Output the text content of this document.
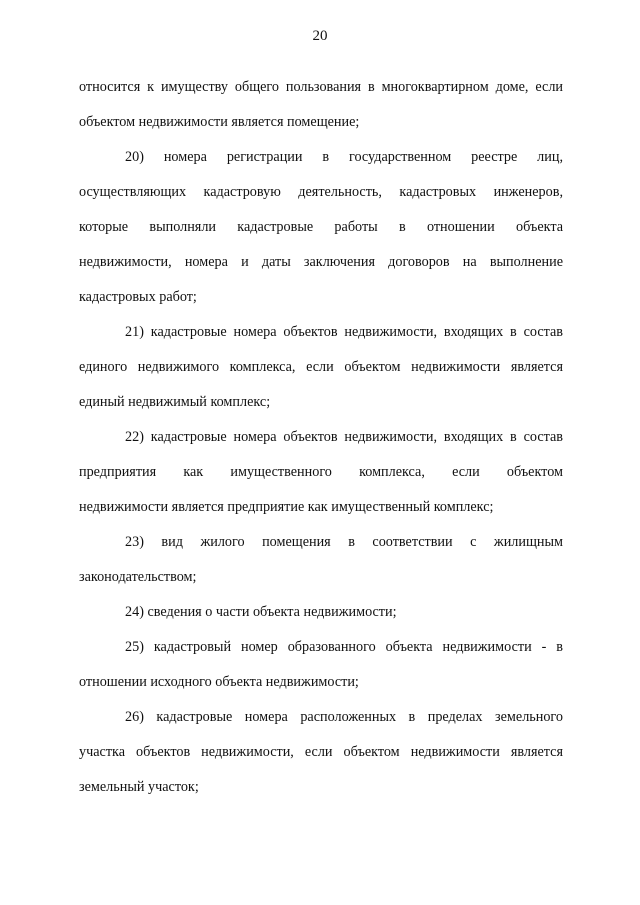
20
относится к имуществу общего пользования в многоквартирном доме, если
объектом недвижимости является помещение;
20) номера регистрации в государственном реестре лиц,
осуществляющих кадастровую деятельность, кадастровых инженеров,
которые выполняли кадастровые работы в отношении объекта
недвижимости, номера и даты заключения договоров на выполнение
кадастровых работ;
21) кадастровые номера объектов недвижимости, входящих в состав
единого недвижимого комплекса, если объектом недвижимости является
единый недвижимый комплекс;
22) кадастровые номера объектов недвижимости, входящих в состав
предприятия как имущественного комплекса, если объектом
недвижимости является предприятие как имущественный комплекс;
23) вид жилого помещения в соответствии с жилищным
законодательством;
24) сведения о части объекта недвижимости;
25) кадастровый номер образованного объекта недвижимости - в
отношении исходного объекта недвижимости;
26) кадастровые номера расположенных в пределах земельного
участка объектов недвижимости, если объектом недвижимости является
земельный участок;
